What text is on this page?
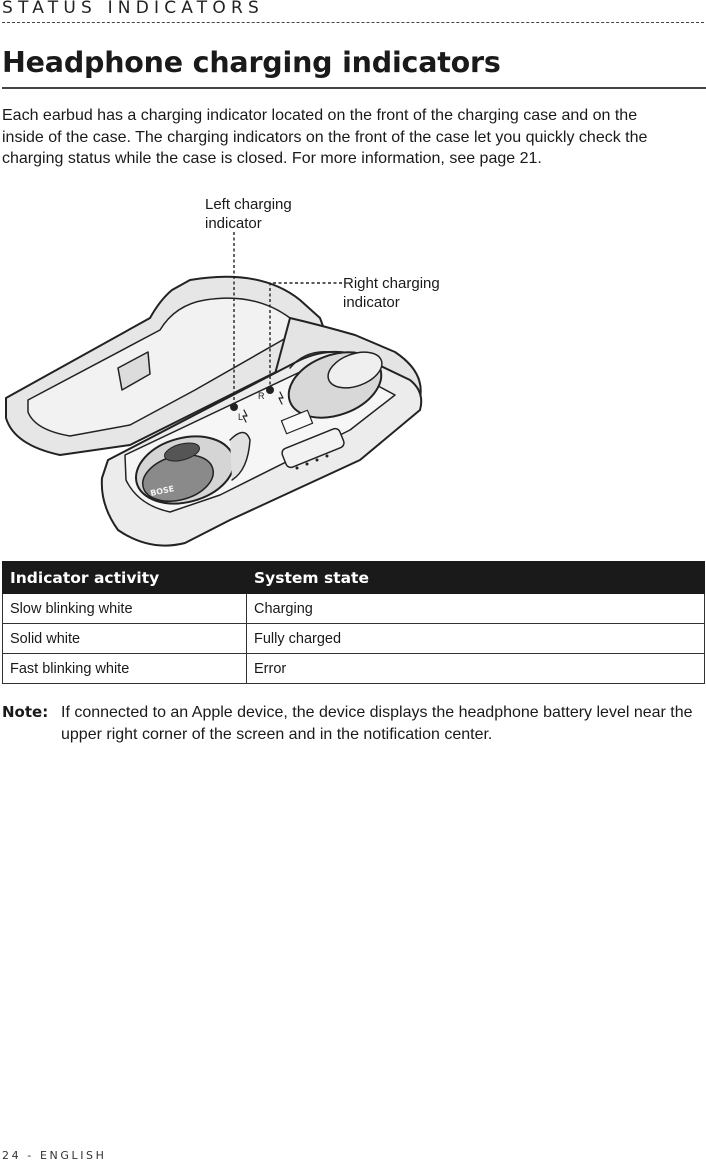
STATUS INDICATORS
Headphone charging indicators

Each earbud has a charging indicator located on the front of the charging case and on the inside of the case. The charging indicators on the front of the case let you quickly check the charging status while the case is closed. For more information, see page 21.

L
R
BOSE
Left charging
indicator
Right charging
indicator
Indicator activity	System state
Slow blinking white	Charging
Solid white	Fully charged
Fast blinking white	Error
Note: If connected to an Apple device, the device displays the headphone battery level near the upper right corner of the screen and in the notification center.

24 - ENGLISH
